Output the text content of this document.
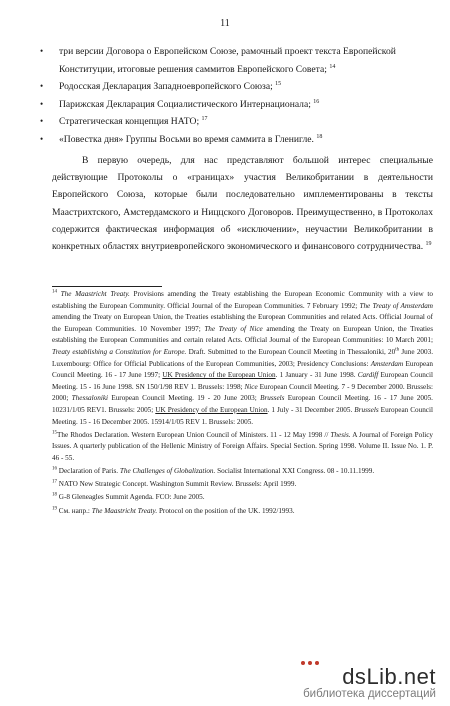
11
• три версии Договора о Европейском Союзе, рамочный проект текста Европейской Конституции, итоговые решения саммитов Европейского Совета; $^{14}$
• Родосская Декларация Западноевропейского Союза; $^{15}$
• Парижская Декларация Социалистического Интернационала; $^{16}$
• Стратегическая концепция НАТО; $^{17}$
• «Повестка дня» Группы Восьми во время саммита в Гленигле. $^{18}$
В первую очередь, для нас представляют большой интерес специальные действующие Протоколы о «границах» участия Великобритании в деятельности Европейского Союза, которые были последовательно имплементированы в тексты Маастрихтского, Амстердамского и Ниццского Договоров. Преимущественно, в Протоколах содержится фактическая информация об «исключении», неучастии Великобритании в конкретных областях внутриевропейского экономического и финансового сотрудничества. $^{19}$
$^{14}$ The Maastricht Treaty. Provisions amending the Treaty establishing the European Economic Community with a view to establishing the European Community. Official Journal of the European Communities. 7 February 1992; The Treaty of Amsterdam amending the Treaty on European Union, the Treaties establishing the European Communities and related Acts. Official Journal of the European Communities. 10 November 1997; The Treaty of Nice amending the Treaty on European Union, the Treaties establishing the European Communities and certain related Acts. Official Journal of the European Communities: 10 March 2001; Treaty establishing a Constitution for Europe. Draft. Submitted to the European Council Meeting in Thessaloniki, 20th June 2003. Luxembourg: Office for Official Publications of the European Communities, 2003; Presidency Conclusions: Amsterdam European Council Meeting. 16 - 17 June 1997; UK Presidency of the European Union. 1 January - 31 June 1998. Cardiff European Council Meeting. 15 - 16 June 1998. SN 150/1/98 REV 1. Brussels: 1998; Nice European Council Meeting. 7 - 9 December 2000. Brussels: 2000; Thessaloniki European Council Meeting. 19 - 20 June 2003; Brussels European Council Meeting. 16 - 17 June 2005. 10231/1/05 REV1. Brussels: 2005; UK Presidency of the European Union. 1 July - 31 December 2005. Brussels European Council Meeting. 15 - 16 December 2005. 15914/1/05 REV 1. Brussels: 2005.
$^{15}$The Rhodos Declaration. Western European Union Council of Ministers. 11 - 12 May 1998 // Thesis. A Journal of Foreign Policy Issues. A quarterly publication of the Hellenic Ministry of Foreign Affairs. Special Section. Spring 1998. Volume II. Issue No. 1. P. 46 - 55.
$^{16}$ Declaration of Paris. The Challenges of Globalization. Socialist International XXI Congress. 08 - 10.11.1999.
$^{17}$ NATO New Strategic Concept. Washington Summit Review. Brussels: April 1999.
$^{18}$ G-8 Gleneagles Summit Agenda. FCO: June 2005.
$^{19}$ См. напр.: The Maastricht Treaty. Protocol on the position of the UK. 1992/1993.
dsLib.net
библиотека диссертаций
